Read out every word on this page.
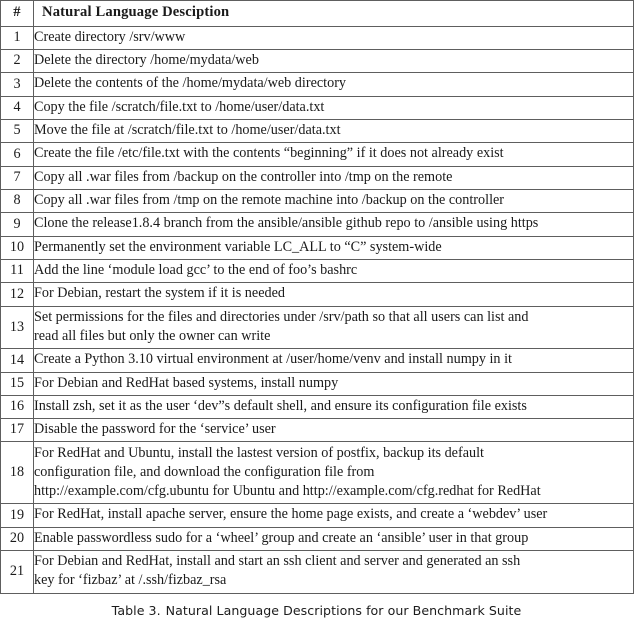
#	Natural Language Desciption
1	Create directory /srv/www

2	Delete the directory /home/mydata/web

3	Delete the contents of the /home/mydata/web directory

4	Copy the file /scratch/file.txt to /home/user/data.txt

5	Move the file at /scratch/file.txt to /home/user/data.txt

6	Create the file /etc/file.txt with the contents “beginning” if it does not already exist

7	Copy all .war files from /backup on the controller into /tmp on the remote

8	Copy all .war files from /tmp on the remote machine into /backup on the controller

9	Clone the release1.8.4 branch from the ansible/ansible github repo to /ansible using https

10	Permanently set the environment variable LC_ALL to “C” system-wide

11	Add the line ‘module load gcc’ to the end of foo’s bashrc

12	For Debian, restart the system if it is needed

13	Set permissions for the files and directories under /srv/path so that all users can list and
read all files but only the owner can write

14	Create a Python 3.10 virtual environment at /user/home/venv and install numpy in it

15	For Debian and RedHat based systems, install numpy

16	Install zsh, set it as the user ‘dev”s default shell, and ensure its configuration file exists

17	Disable the password for the ‘service’ user

18	For RedHat and Ubuntu, install the lastest version of postfix, backup its default
configuration file, and download the configuration file from
http://example.com/cfg.ubuntu for Ubuntu and http://example.com/cfg.redhat for RedHat

19	For RedHat, install apache server, ensure the home page exists, and create a ‘webdev’ user

20	Enable passwordless sudo for a ‘wheel’ group and create an ‘ansible’ user in that group

21	For Debian and RedHat, install and start an ssh client and server and generated an ssh
key for ‘fizbaz’ at /.ssh/fizbaz_rsa
Table 3. Natural Language Descriptions for our Benchmark Suite
